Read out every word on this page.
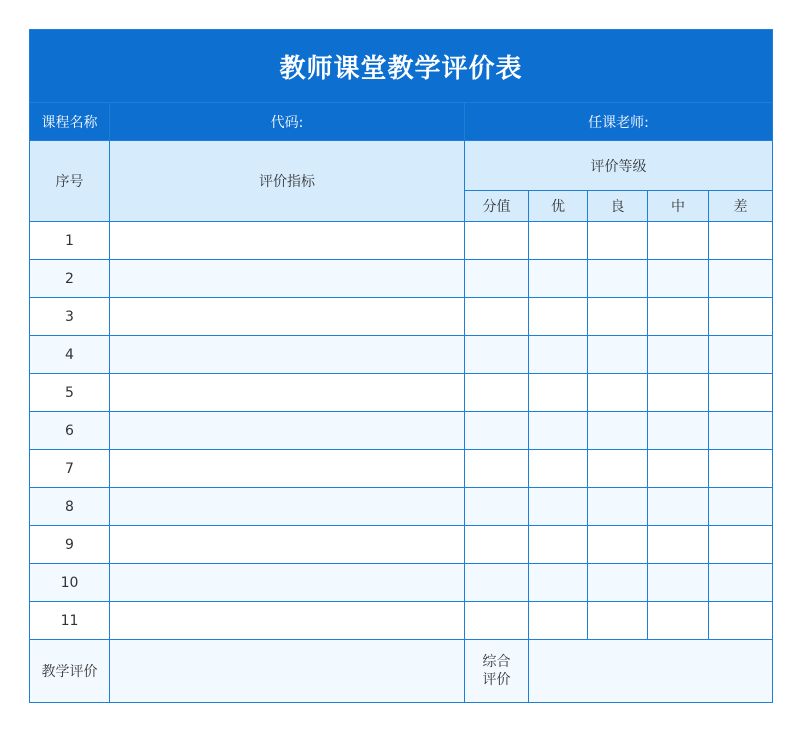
教师课堂教学评价表						
课程名称	代码:	任课老师:				
序号	评价指标	评价等级				
		分值	优	良	中	差
1						
2						
3						
4						
5						
6						
7						
8						
9						
10						
11						
教学评价		综合
评价				
